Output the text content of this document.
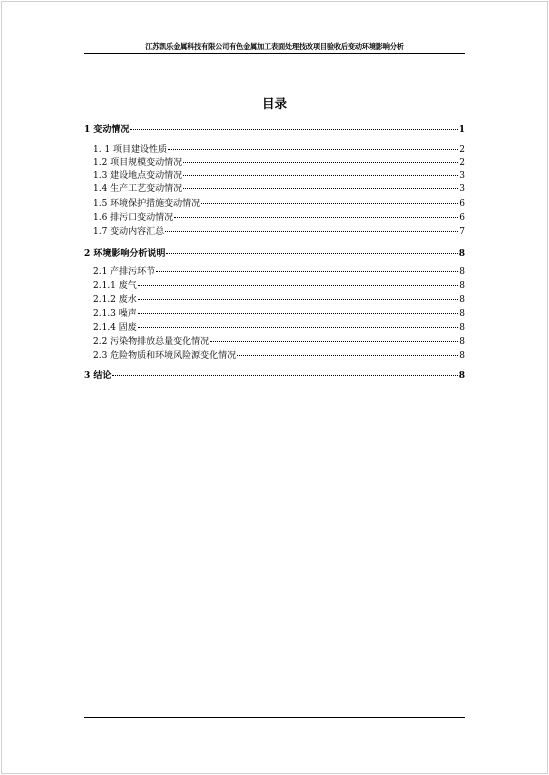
江苏凯乐金属科技有限公司有色金属加工表面处理技改项目验收后变动环境影响分析
目录
1 变动情况	1
1. 1 项目建设性质	2
1.2 项目规模变动情况	2
1.3 建设地点变动情况	3
1.4 生产工艺变动情况	3
1.5 环境保护措施变动情况	6
1.6 排污口变动情况	6
1.7 变动内容汇总	7
2 环境影响分析说明	8
2.1 产排污环节	8
2.1.1 废气	8
2.1.2 废水	8
2.1.3 噪声	8
2.1.4 固废	8
2.2 污染物排放总量变化情况	8
2.3 危险物质和环境风险源变化情况	8
3 结论	8
